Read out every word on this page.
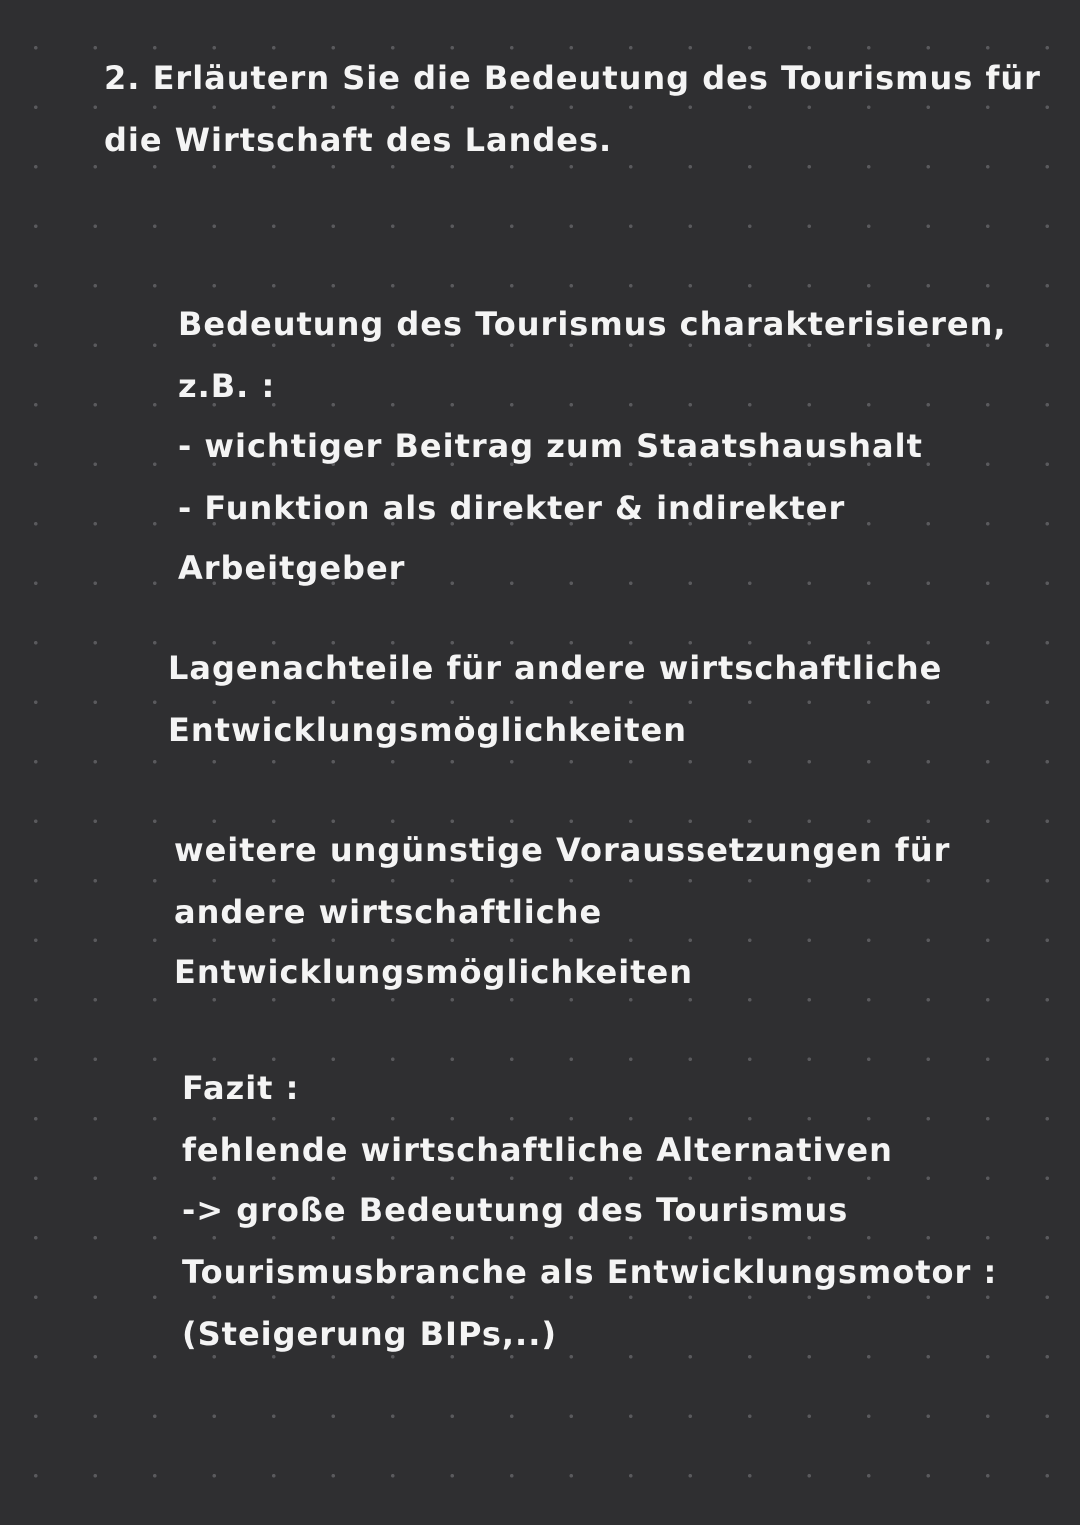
2. Erläutern Sie die Bedeutung des Tourismus für
die Wirtschaft des Landes.
Bedeutung des Tourismus charakterisieren,
z.B. :
- wichtiger Beitrag zum Staatshaushalt
- Funktion als direkter & indirekter
Arbeitgeber
Lagenachteile für andere wirtschaftliche
Entwicklungsmöglichkeiten
weitere ungünstige Voraussetzungen für
andere wirtschaftliche
Entwicklungsmöglichkeiten
Fazit :
fehlende wirtschaftliche Alternativen
-> große Bedeutung des Tourismus
Tourismusbranche als Entwicklungsmotor :
(Steigerung BIPs,..)
